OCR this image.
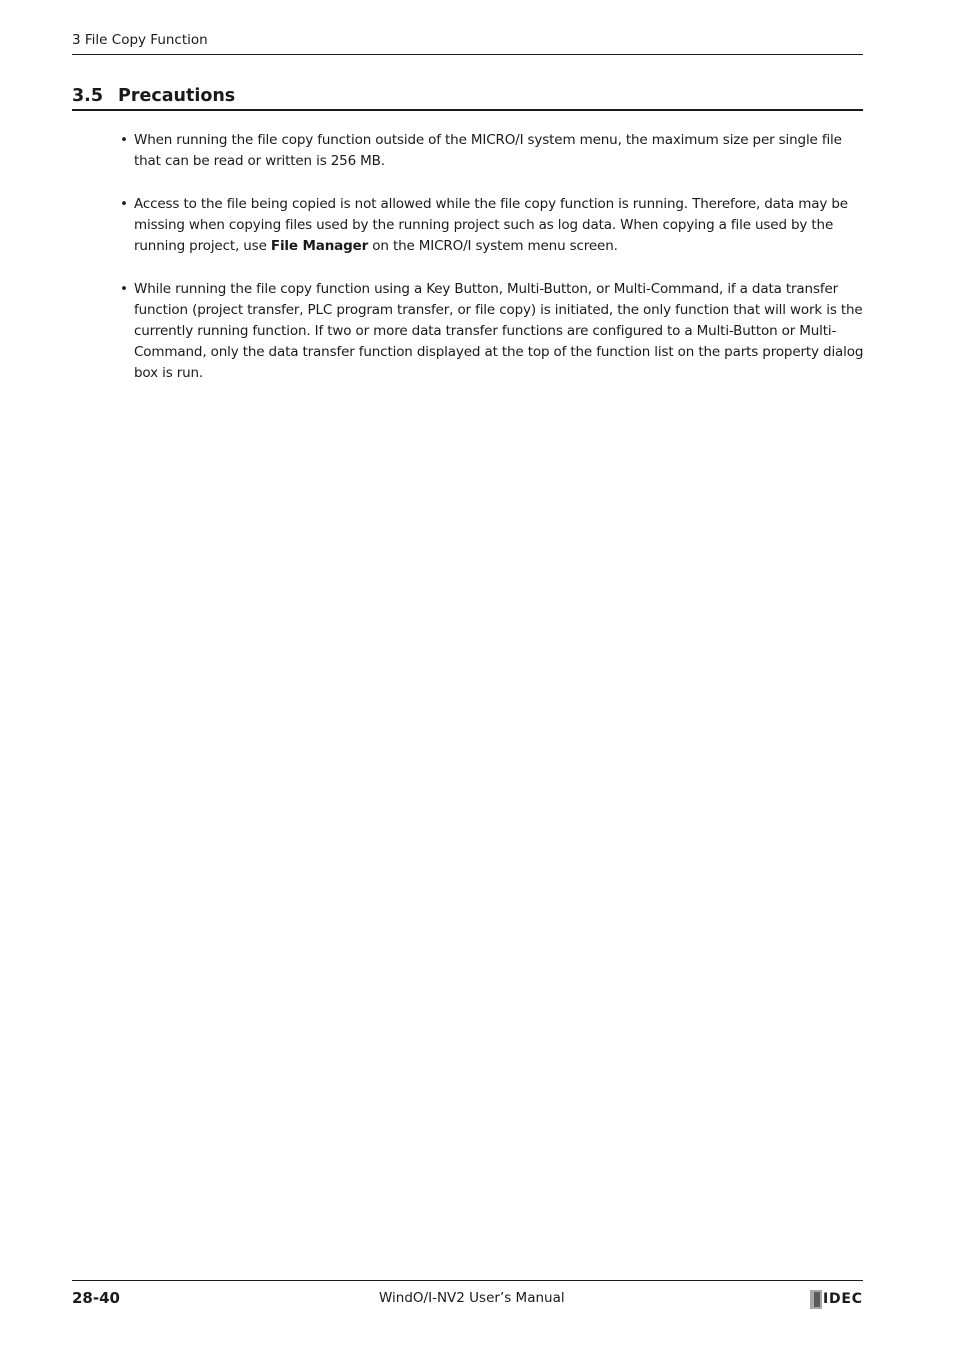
3 File Copy Function
3.5 Precautions
• When running the file copy function outside of the MICRO/I system menu, the maximum size per single file that can be read or written is 256 MB.
• Access to the file being copied is not allowed while the file copy function is running. Therefore, data may be missing when copying files used by the running project such as log data. When copying a file used by the running project, use File Manager on the MICRO/I system menu screen.
• While running the file copy function using a Key Button, Multi-Button, or Multi-Command, if a data transfer function (project transfer, PLC program transfer, or file copy) is initiated, the only function that will work is the currently running function. If two or more data transfer functions are configured to a Multi-Button or Multi-Command, only the data transfer function displayed at the top of the function list on the parts property dialog box is run.
28-40	WindO/I-NV2 User’s Manual	IDEC
